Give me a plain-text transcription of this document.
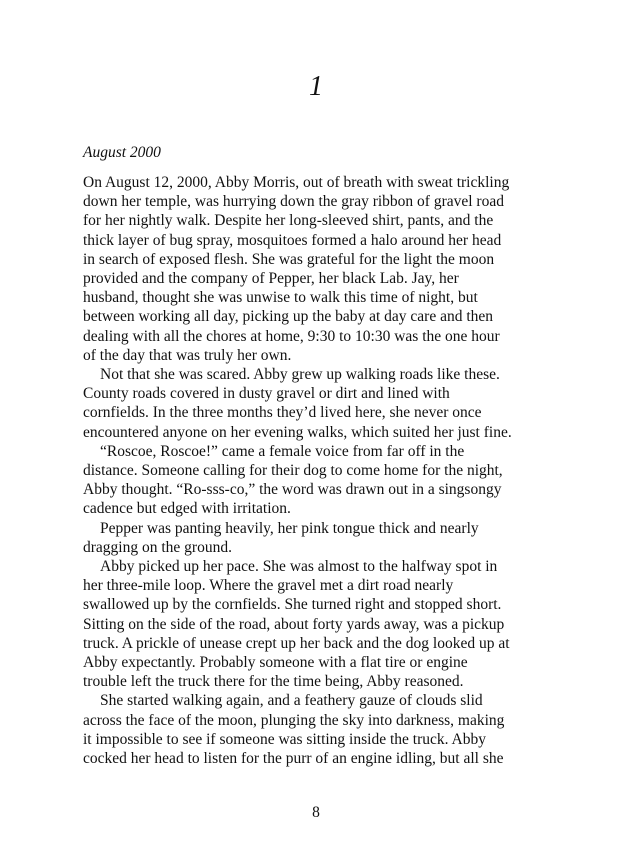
1
August 2000

On August 12, 2000, Abby Morris, out of breath with sweat trickling
down her temple, was hurrying down the gray ribbon of gravel road
for her nightly walk. Despite her long-sleeved shirt, pants, and the
thick layer of bug spray, mosquitoes formed a halo around her head
in search of exposed flesh. She was grateful for the light the moon
provided and the company of Pepper, her black Lab. Jay, her
husband, thought she was unwise to walk this time of night, but
between working all day, picking up the baby at day care and then
dealing with all the chores at home, 9:30 to 10:30 was the one hour
of the day that was truly her own.

Not that she was scared. Abby grew up walking roads like these.
County roads covered in dusty gravel or dirt and lined with
cornfields. In the three months they’d lived here, she never once
encountered anyone on her evening walks, which suited her just fine.

“Roscoe, Roscoe!” came a female voice from far off in the
distance. Someone calling for their dog to come home for the night,
Abby thought. “Ro-sss-co,” the word was drawn out in a singsongy
cadence but edged with irritation.

Pepper was panting heavily, her pink tongue thick and nearly
dragging on the ground.

Abby picked up her pace. She was almost to the halfway spot in
her three-mile loop. Where the gravel met a dirt road nearly
swallowed up by the cornfields. She turned right and stopped short.
Sitting on the side of the road, about forty yards away, was a pickup
truck. A prickle of unease crept up her back and the dog looked up at
Abby expectantly. Probably someone with a flat tire or engine
trouble left the truck there for the time being, Abby reasoned.

She started walking again, and a feathery gauze of clouds slid
across the face of the moon, plunging the sky into darkness, making
it impossible to see if someone was sitting inside the truck. Abby
cocked her head to listen for the purr of an engine idling, but all she

8
